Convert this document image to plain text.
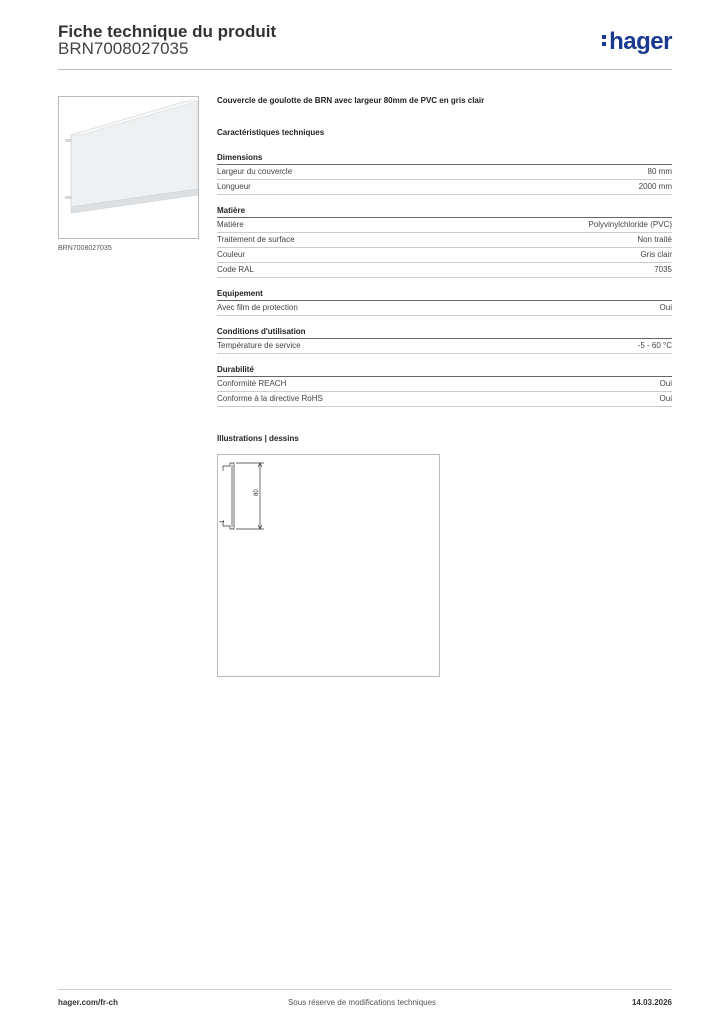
Fiche technique du produit
BRN7008027035	hager
BRN7008027035
Couvercle de goulotte de BRN avec largeur 80mm de PVC en gris clair
Caractéristiques techniques
Dimensions
Largeur du couvercle	80 mm
Longueur	2000 mm
Matière
Matière	Polyvinylchloride (PVC)
Traitement de surface	Non traité
Couleur	Gris clair
Code RAL	7035
Equipement
Avec film de protection	Oui
Conditions d'utilisation
Température de service	-5 - 60 °C
Durabilité
Conformité REACH	Oui
Conforme à la directive RoHS	Oui
Illustrations | dessins
80
1
hager.com/fr-ch	Sous réserve de modifications techniques	14.03.2026
